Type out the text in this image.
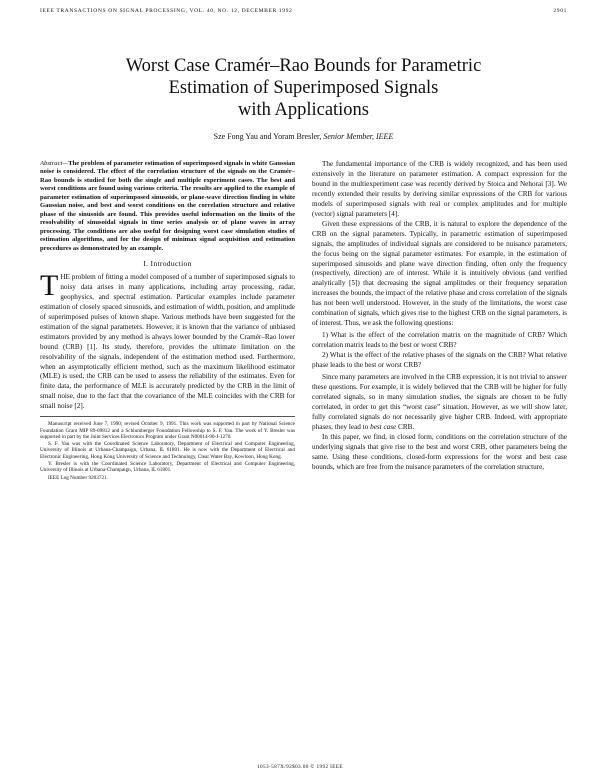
IEEE TRANSACTIONS ON SIGNAL PROCESSING, VOL. 40, NO. 12, DECEMBER 1992	2901
Worst Case Cramér–Rao Bounds for Parametric
Estimation of Superimposed Signals
with Applications
Sze Fong Yau and Yoram Bresler, Senior Member, IEEE

Abstract—The problem of parameter estimation of superimposed signals in white Gaussian noise is considered. The effect of the correlation structure of the signals on the Cramér–Rao bounds is studied for both the single and multiple experiment cases. The best and worst conditions are found using various criteria. The results are applied to the example of parameter estimation of superimposed sinusoids, or plane-wave direction finding in white Gaussian noise, and best and worst conditions on the correlation structure and relative phase of the sinusoids are found. This provides useful information on the limits of the resolvability of sinusoidal signals in time series analysis or of plane waves in array processing. The conditions are also useful for designing worst case simulation studies of estimation algorithms, and for the design of minimax signal acquisition and estimation procedures as demonstrated by an example.

I. Introduction

THE problem of fitting a model composed of a number of superimposed signals to noisy data arises in many applications, including array processing, radar, geophysics, and spectral estimation. Particular examples include parameter estimation of closely spaced sinusoids, and estimation of width, position, and amplitude of superimposed pulses of known shape. Various methods have been suggested for the estimation of the signal parameters. However, it is known that the variance of unbiased estimators provided by any method is always lower bounded by the Cramér–Rao lower bound (CRB) [1]. Its study, therefore, provides the ultimate limitation on the resolvability of the signals, independent of the estimation method used. Furthermore, when an asymptotically efficient method, such as the maximum likelihood estimator (MLE) is used, the CRB can be used to assess the reliability of the estimates. Even for finite data, the performance of MLE is accurately predicted by the CRB in the limit of small noise, due to the fact that the covariance of the MLE coincides with the CRB for small noise [2].

Manuscript received June 7, 1990; revised October 9, 1991. This work was supported in part by National Science Foundation Grant MIP 89-09812 and a Schlumberger Foundation Fellowship to S. F. Yau. The work of Y. Bresler was supported in part by the Joint Services Electronics Program under Grant N00014-90-J-1270.

S. F. Yau was with the Coordinated Science Laboratory, Department of Electrical and Computer Engineering, University of Illinois at Urbana-Champaign, Urbana, IL 61801. He is now with the Department of Electrical and Electronic Engineering, Hong Kong University of Science and Technology, Clear Water Bay, Kowloon, Hong Kong.

Y. Bresler is with the Coordinated Science Laboratory, Department of Electrical and Computer Engineering, University of Illinois at Urbana-Champaign, Urbana, IL 61801.

IEEE Log Number 9203721.

The fundamental importance of the CRB is widely recognized, and has been used extensively in the literature on parameter estimation. A compact expression for the bound in the multiexperiment case was recently derived by Stoica and Nehorai [3]. We recently extended their results by deriving similar expressions of the CRB for various models of superimposed signals with real or complex amplitudes and for multiple (vector) signal parameters [4].

Given these expressions of the CRB, it is natural to explore the dependence of the CRB on the signal parameters. Typically, in parametric estimation of superimposed signals, the amplitudes of individual signals are considered to be nuisance parameters, the focus being on the signal parameter estimates. For example, in the estimation of superimposed sinusoids and plane wave direction finding, often only the frequency (respectively, direction) are of interest. While it is intuitively obvious (and verified analytically [5]) that decreasing the signal amplitudes or their frequency separation increases the bounds, the impact of the relative phase and cross correlation of the signals has not been well understood. However, in the study of the limitations, the worst case combination of signals, which gives rise to the highest CRB on the signal parameters, is of interest. Thus, we ask the following questions:

1) What is the effect of the correlation matrix on the magnitude of CRB? Which correlation matrix leads to the best or worst CRB?

2) What is the effect of the relative phases of the signals on the CRB? What relative phase leads to the best or worst CRB?

Since many parameters are involved in the CRB expression, it is not trivial to answer these questions. For example, it is widely believed that the CRB will be higher for fully correlated signals, so in many simulation studies, the signals are chosen to be fully correlated, in order to get this “worst case” situation. However, as we will show later, fully correlated signals do not necessarily give higher CRB. Indeed, with appropriate phases, they lead to best case CRB.

In this paper, we find, in closed form, conditions on the correlation structure of the underlying signals that give rise to the best and worst CRB, other parameters being the same. Using these conditions, closed-form expressions for the worst and best case bounds, which are free from the nuisance parameters of the correlation structure,

1053-587X/92$03.00 © 1992 IEEE
